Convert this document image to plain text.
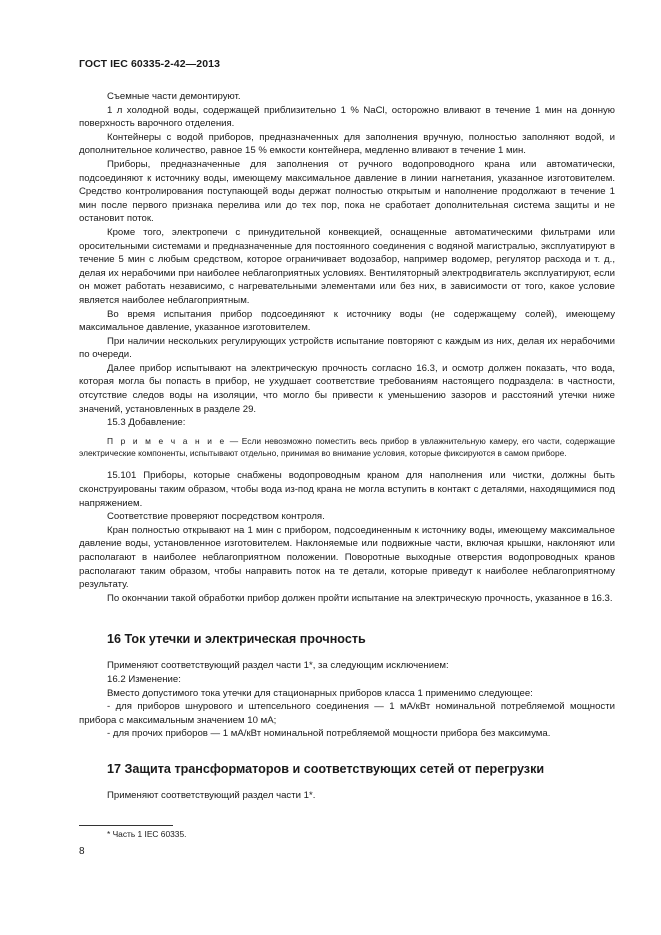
ГОСТ IEC 60335-2-42—2013

Съемные части демонтируют.

1 л холодной воды, содержащей приблизительно 1 % NaCl, осторожно вливают в течение 1 мин на донную поверхность варочного отделения.

Контейнеры с водой приборов, предназначенных для заполнения вручную, полностью заполняют водой, и дополнительное количество, равное 15 % емкости контейнера, медленно вливают в течение 1 мин.

Приборы, предназначенные для заполнения от ручного водопроводного крана или автоматически, подсоединяют к источнику воды, имеющему максимальное давление в линии нагнетания, указанное изготовителем. Средство контролирования поступающей воды держат полностью открытым и наполнение продолжают в течение 1 мин после первого признака перелива или до тех пор, пока не сработает дополнительная система защиты и не остановит поток.

Кроме того, электропечи с принудительной конвекцией, оснащенные автоматическими фильтрами или оросительными системами и предназначенные для постоянного соединения с водяной магистралью, эксплуатируют в течение 5 мин с любым средством, которое ограничивает водозабор, например водомер, регулятор расхода и т. д., делая их нерабочими при наиболее неблагоприятных условиях. Вентиляторный электродвигатель эксплуатируют, если он может работать независимо, с нагревательными элементами или без них, в зависимости от того, какое условие является наиболее неблагоприятным.

Во время испытания прибор подсоединяют к источнику воды (не содержащему солей), имеющему максимальное давление, указанное изготовителем.

При наличии нескольких регулирующих устройств испытание повторяют с каждым из них, делая их нерабочими по очереди.

Далее прибор испытывают на электрическую прочность согласно 16.3, и осмотр должен показать, что вода, которая могла бы попасть в прибор, не ухудшает соответствие требованиям настоящего подраздела: в частности, отсутствие следов воды на изоляции, что могло бы привести к уменьшению зазоров и расстояний утечки ниже значений, установленных в разделе 29.

15.3 Добавление:

П р и м е ч а н и е — Если невозможно поместить весь прибор в увлажнительную камеру, его части, содержащие электрические компоненты, испытывают отдельно, принимая во внимание условия, которые фиксируются в самом приборе.

15.101 Приборы, которые снабжены водопроводным краном для наполнения или чистки, должны быть сконструированы таким образом, чтобы вода из-под крана не могла вступить в контакт с деталями, находящимися под напряжением.

Соответствие проверяют посредством контроля.

Кран полностью открывают на 1 мин с прибором, подсоединенным к источнику воды, имеющему максимальное давление воды, установленное изготовителем. Наклоняемые или подвижные части, включая крышки, наклоняют или располагают в наиболее неблагоприятном положении. Поворотные выходные отверстия водопроводных кранов располагают таким образом, чтобы направить поток на те детали, которые приведут к наиболее неблагоприятному результату.

По окончании такой обработки прибор должен пройти испытание на электрическую прочность, указанное в 16.3.

16 Ток утечки и электрическая прочность

Применяют соответствующий раздел части 1*, за следующим исключением:

16.2 Изменение:

Вместо допустимого тока утечки для стационарных приборов класса 1 применимо следующее:

- для приборов шнурового и штепсельного соединения — 1 мА/кВт номинальной потребляемой мощности прибора с максимальным значением 10 мА;

- для прочих приборов — 1 мА/кВт номинальной потребляемой мощности прибора без максимума.

17 Защита трансформаторов и соответствующих сетей от перегрузки

Применяют соответствующий раздел части 1*.

* Часть 1 IEC 60335.
8
